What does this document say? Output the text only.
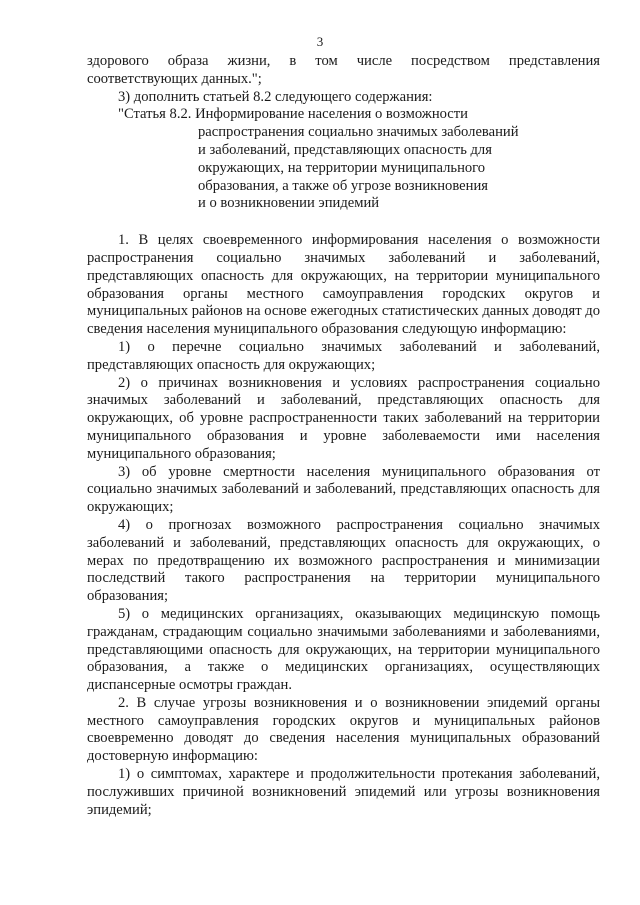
3

здорового образа жизни, в том числе посредством представления соответствующих данных.";

3) дополнить статьей 8.2 следующего содержания:

"Статья 8.2. Информирование населения о возможности

распространения социально значимых заболеваний

и заболеваний, представляющих опасность для

окружающих, на территории муниципального

образования, а также об угрозе возникновения

и о возникновении эпидемий

1. В целях своевременного информирования населения о возможности распространения социально значимых заболеваний и заболеваний, представляющих опасность для окружающих, на территории муниципального образования органы местного самоуправления городских округов и муниципальных районов на основе ежегодных статистических данных доводят до сведения населения муниципального образования следующую информацию:

1) о перечне социально значимых заболеваний и заболеваний, представляющих опасность для окружающих;

2) о причинах возникновения и условиях распространения социально значимых заболеваний и заболеваний, представляющих опасность для окружающих, об уровне распространенности таких заболеваний на территории муниципального образования и уровне заболеваемости ими населения муниципального образования;

3) об уровне смертности населения муниципального образования от социально значимых заболеваний и заболеваний, представляющих опасность для окружающих;

4) о прогнозах возможного распространения социально значимых заболеваний и заболеваний, представляющих опасность для окружающих, о мерах по предотвращению их возможного распространения и минимизации последствий такого распространения на территории муниципального образования;

5) о медицинских организациях, оказывающих медицинскую помощь гражданам, страдающим социально значимыми заболеваниями и заболеваниями, представляющими опасность для окружающих, на территории муниципального образования, а также о медицинских организациях, осуществляющих диспансерные осмотры граждан.

2. В случае угрозы возникновения и о возникновении эпидемий органы местного самоуправления городских округов и муниципальных районов своевременно доводят до сведения населения муниципальных образований достоверную информацию:

1) о симптомах, характере и продолжительности протекания заболеваний, послуживших причиной возникновений эпидемий или угрозы возникновения эпидемий;
